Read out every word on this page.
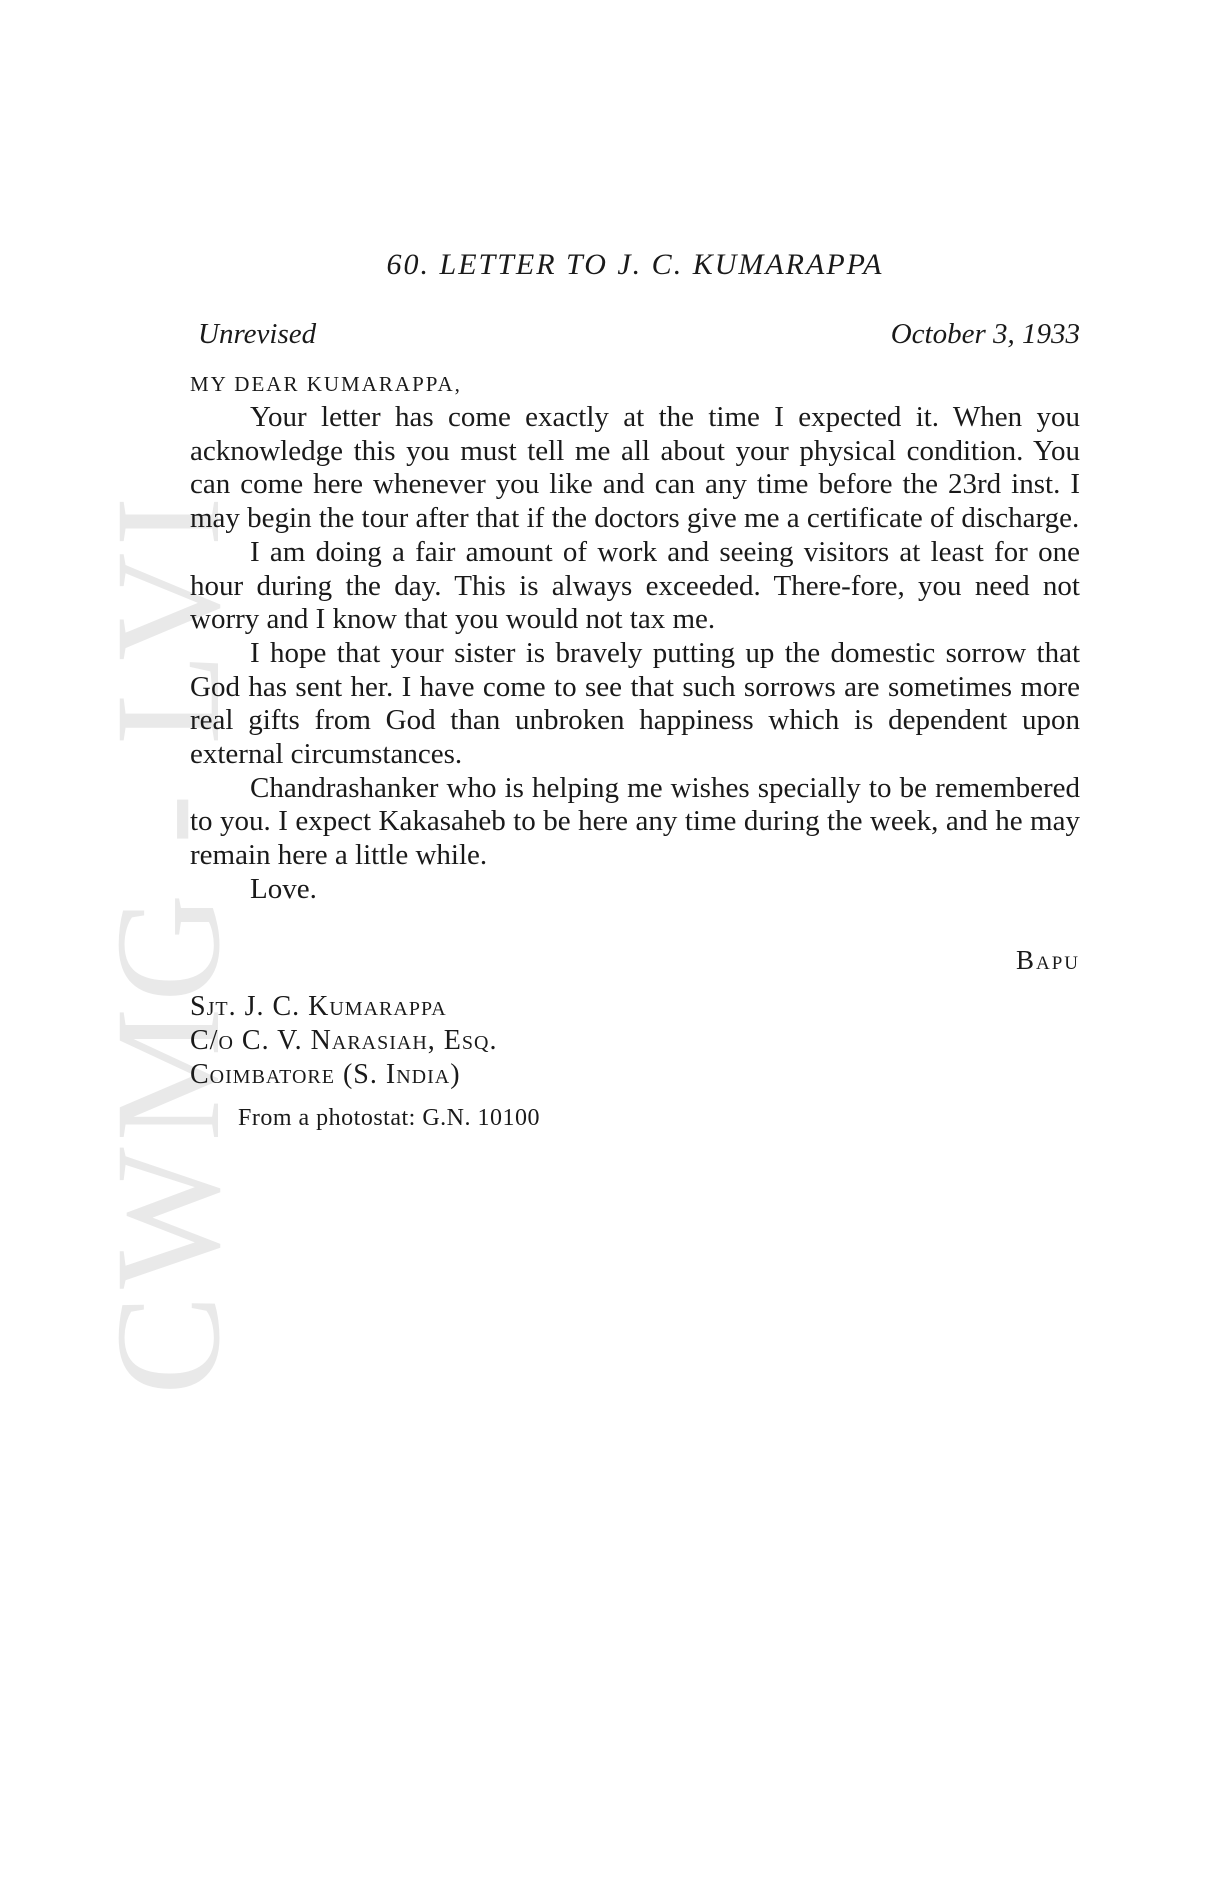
CWMG - LVI
60. LETTER TO J. C. KUMARAPPA
Unrevised	October 3, 1933
MY DEAR KUMARAPPA,

Your letter has come exactly at the time I expected it. When you acknowledge this you must tell me all about your physical condition. You can come here whenever you like and can any time before the 23rd inst. I may begin the tour after that if the doctors give me a certificate of discharge.

I am doing a fair amount of work and seeing visitors at least for one hour during the day. This is always exceeded. There-fore, you need not worry and I know that you would not tax me.

I hope that your sister is bravely putting up the domestic sorrow that God has sent her. I have come to see that such sorrows are sometimes more real gifts from God than unbroken happiness which is dependent upon external circumstances.

Chandrashanker who is helping me wishes specially to be remembered to you. I expect Kakasaheb to be here any time during the week, and he may remain here a little while.

Love.

Bapu
Sjt. J. C. Kumarappa
C/o C. V. Narasiah, Esq.
Coimbatore (S. India)
From a photostat: G.N. 10100
